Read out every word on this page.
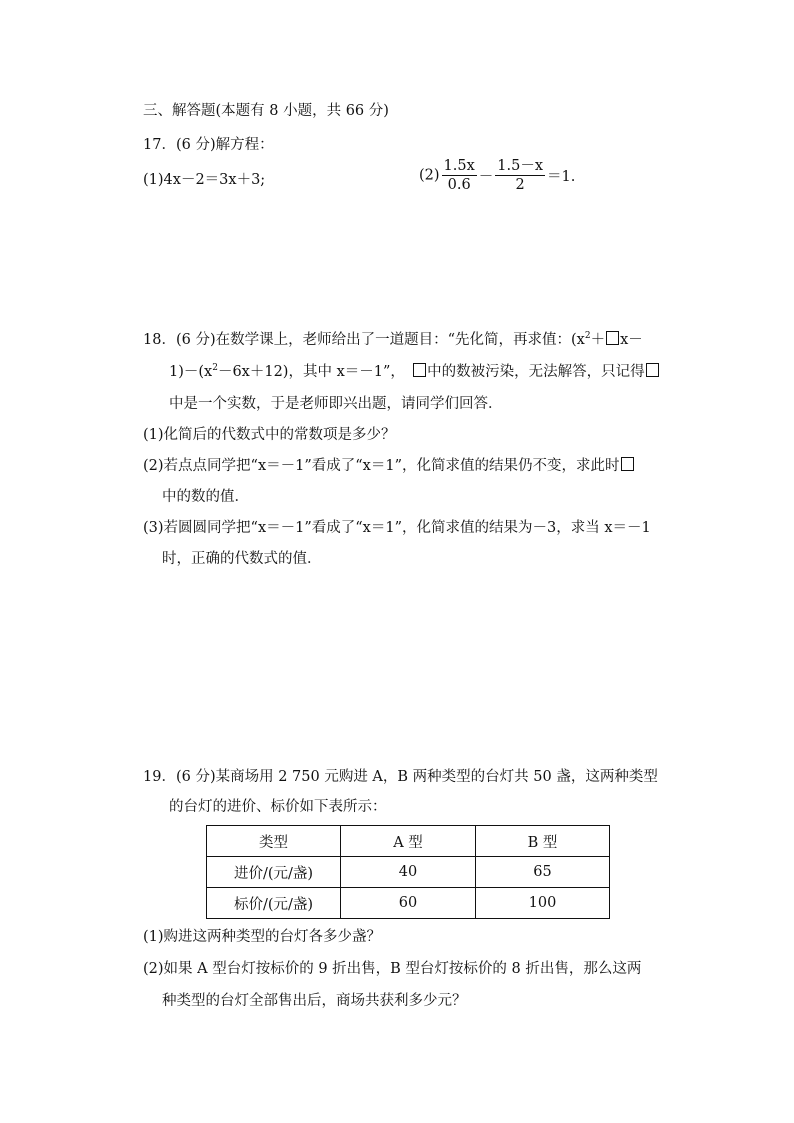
三、解答题(本题有 8 小题，共 66 分)
17．(6 分)解方程：
(1)4x－2＝3x＋3;	$(2) \frac{1.5x}{0.6} - \frac{1.5-x}{2} =1$.
18．(6 分)在数学课上，老师给出了一道题目：“先化简，再求值：($x^2+ x-$
$1)-(x^2-6x+12)$，其中 x＝－1”，　中的数被污染，无法解答，只记得
中是一个实数，于是老师即兴出题，请同学们回答．
(1)化简后的代数式中的常数项是多少？
(2)若点点同学把“x＝－1”看成了“x＝1”，化简求值的结果仍不变，求此时
中的数的值．
(3)若圆圆同学把“x＝－1”看成了“x＝1”，化简求值的结果为－3，求当 x＝－1
时，正确的代数式的值．
19．(6 分)某商场用 2 750 元购进 A，B 两种类型的台灯共 50 盏，这两种类型
的台灯的进价、标价如下表所示：
类型	A 型	B 型
进价/(元/盏)	40	65
标价/(元/盏)	60	100
(1)购进这两种类型的台灯各多少盏？
(2)如果 A 型台灯按标价的 9 折出售，B 型台灯按标价的 8 折出售，那么这两
种类型的台灯全部售出后，商场共获利多少元？
